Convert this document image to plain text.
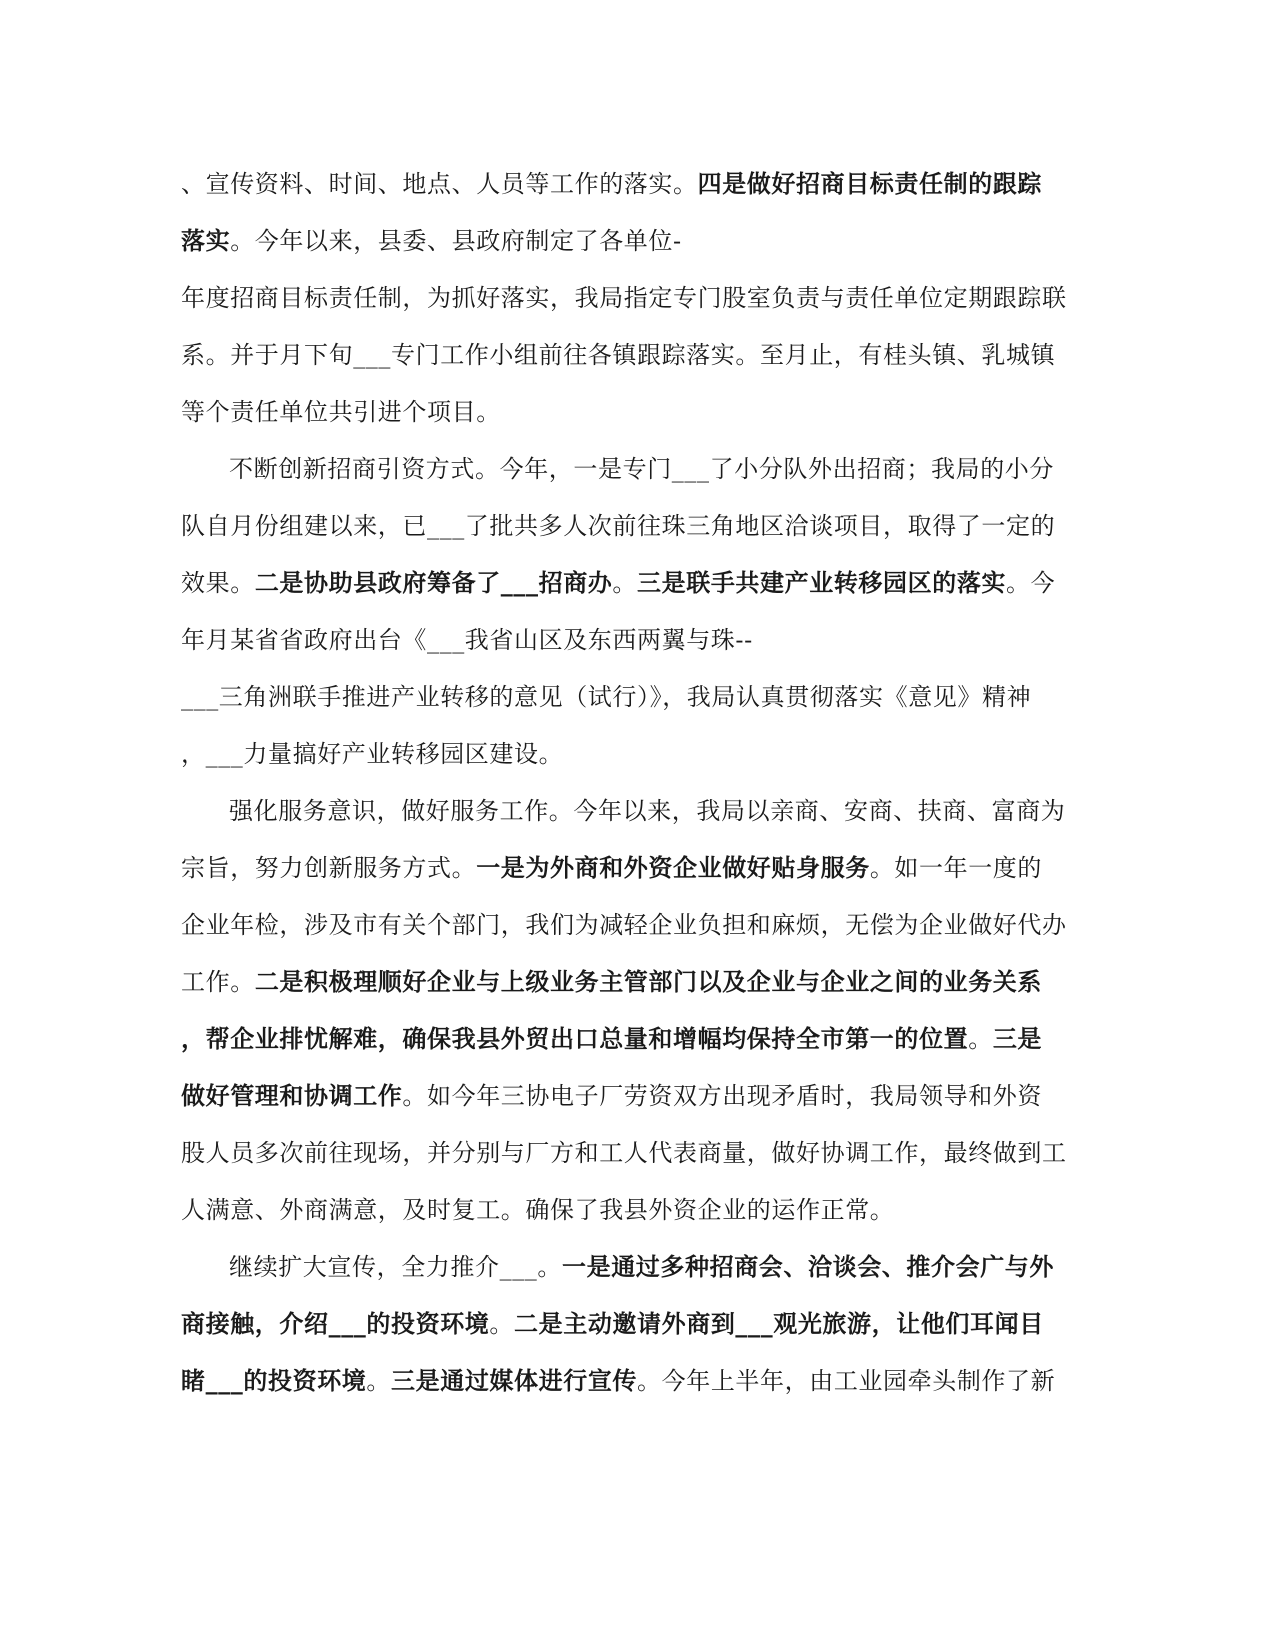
、宣传资料、时间、地点、人员等工作的落实。四是做好招商目标责任制的跟踪
落实。今年以来，县委、县政府制定了各单位-
年度招商目标责任制，为抓好落实，我局指定专门股室负责与责任单位定期跟踪联
系。并于月下旬___专门工作小组前往各镇跟踪落实。至月止，有桂头镇、乳城镇
等个责任单位共引进个项目。
不断创新招商引资方式。今年，一是专门___了小分队外出招商；我局的小分
队自月份组建以来，已___了批共多人次前往珠三角地区洽谈项目，取得了一定的
效果。二是协助县政府筹备了___招商办。三是联手共建产业转移园区的落实。今
年月某省省政府出台《___我省山区及东西两翼与珠--
___三角洲联手推进产业转移的意见（试行）》，我局认真贯彻落实《意见》精神
，___力量搞好产业转移园区建设。
强化服务意识，做好服务工作。今年以来，我局以亲商、安商、扶商、富商为
宗旨，努力创新服务方式。一是为外商和外资企业做好贴身服务。如一年一度的
企业年检，涉及市有关个部门，我们为减轻企业负担和麻烦，无偿为企业做好代办
工作。二是积极理顺好企业与上级业务主管部门以及企业与企业之间的业务关系
，帮企业排忧解难，确保我县外贸出口总量和增幅均保持全市第一的位置。三是
做好管理和协调工作。如今年三协电子厂劳资双方出现矛盾时，我局领导和外资
股人员多次前往现场，并分别与厂方和工人代表商量，做好协调工作，最终做到工
人满意、外商满意，及时复工。确保了我县外资企业的运作正常。
继续扩大宣传，全力推介___。一是通过多种招商会、洽谈会、推介会广与外
商接触，介绍___的投资环境。二是主动邀请外商到___观光旅游，让他们耳闻目
睹___的投资环境。三是通过媒体进行宣传。今年上半年，由工业园牵头制作了新
